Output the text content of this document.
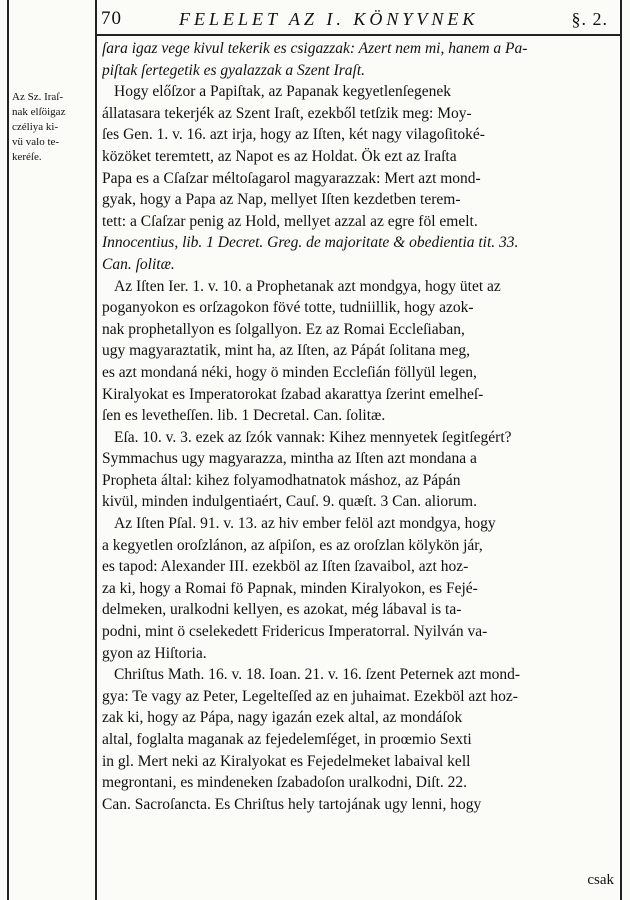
70	FELELET AZ I. KÖNYVNEK	§. 2.
Az Sz. Iraſ-
nak elſöigaz
czéliya ki-
vü valo te-
keréſe.
ſara igaz vege kivul tekerik es csigazzak: Azert nem mi, hanem a Pa-
piſtak ſertegetik es gyalazzak a Szent Iraſt.
Hogy előſzor a Papiſtak, az Papanak kegyetlenſegenek
állatasara tekerjék az Szent Iraſt, ezekből tetſzik meg: Moy-
ſes Gen. 1. v. 16. azt irja, hogy az Iſten, két nagy vilagoſitoké-
közöket teremtett, az Napot es az Holdat. Ök ezt az Iraſta
Papa es a Cſaſzar méltoſagarol magyarazzak: Mert azt mond-
gyak, hogy a Papa az Nap, mellyet Iſten kezdetben terem-
tett: a Cſaſzar penig az Hold, mellyet azzal az egre föl emelt.
Innocentius, lib. 1 Decret. Greg. de majoritate & obedientia tit. 33.
Can. ſolitæ.
Az Iſten Ier. 1. v. 10. a Prophetanak azt mondgya, hogy ütet az
poganyokon es orſzagokon fövé totte, tudniillik, hogy azok-
nak prophetallyon es ſolgallyon. Ez az Romai Eccleſiaban,
ugy magyaraztatik, mint ha, az Iſten, az Pápát ſolitana meg,
es azt mondaná néki, hogy ö minden Eccleſián föllyül legen,
Kiralyokat es Imperatorokat ſzabad akarattya ſzerint emelheſ-
ſen es levetheſſen. lib. 1 Decretal. Can. ſolitæ.
Eſa. 10. v. 3. ezek az ſzók vannak: Kihez mennyetek ſegitſegért?
Symmachus ugy magyarazza, mintha az Iſten azt mondana a
Propheta által: kihez folyamodhatnatok máshoz, az Pápán
kivül, minden indulgentiaért, Cauſ. 9. quæſt. 3 Can. aliorum.
Az Iſten Pſal. 91. v. 13. az hiv ember felöl azt mondgya, hogy
a kegyetlen oroſzlánon, az aſpiſon, es az oroſzlan kölykön jár,
es tapod: Alexander III. ezekböl az Iſten ſzavaibol, azt hoz-
za ki, hogy a Romai fö Papnak, minden Kiralyokon, es Fejé-
delmeken, uralkodni kellyen, es azokat, még lábaval is ta-
podni, mint ö cselekedett Fridericus Imperatorral. Nyilván va-
gyon az Hiſtoria.
Chriſtus Math. 16. v. 18. Ioan. 21. v. 16. ſzent Peternek azt mond-
gya: Te vagy az Peter, Legelteſſed az en juhaimat. Ezekböl azt hoz-
zak ki, hogy az Pápa, nagy igazán ezek altal, az mondáſok
altal, foglalta maganak az fejedelemſéget, in proœmio Sexti
in gl. Mert neki az Kiralyokat es Fejedelmeket labaival kell
megrontani, es mindeneken ſzabadoſon uralkodni, Diſt. 22.
Can. Sacroſancta. Es Chriſtus hely tartojának ugy lenni, hogy
csak
